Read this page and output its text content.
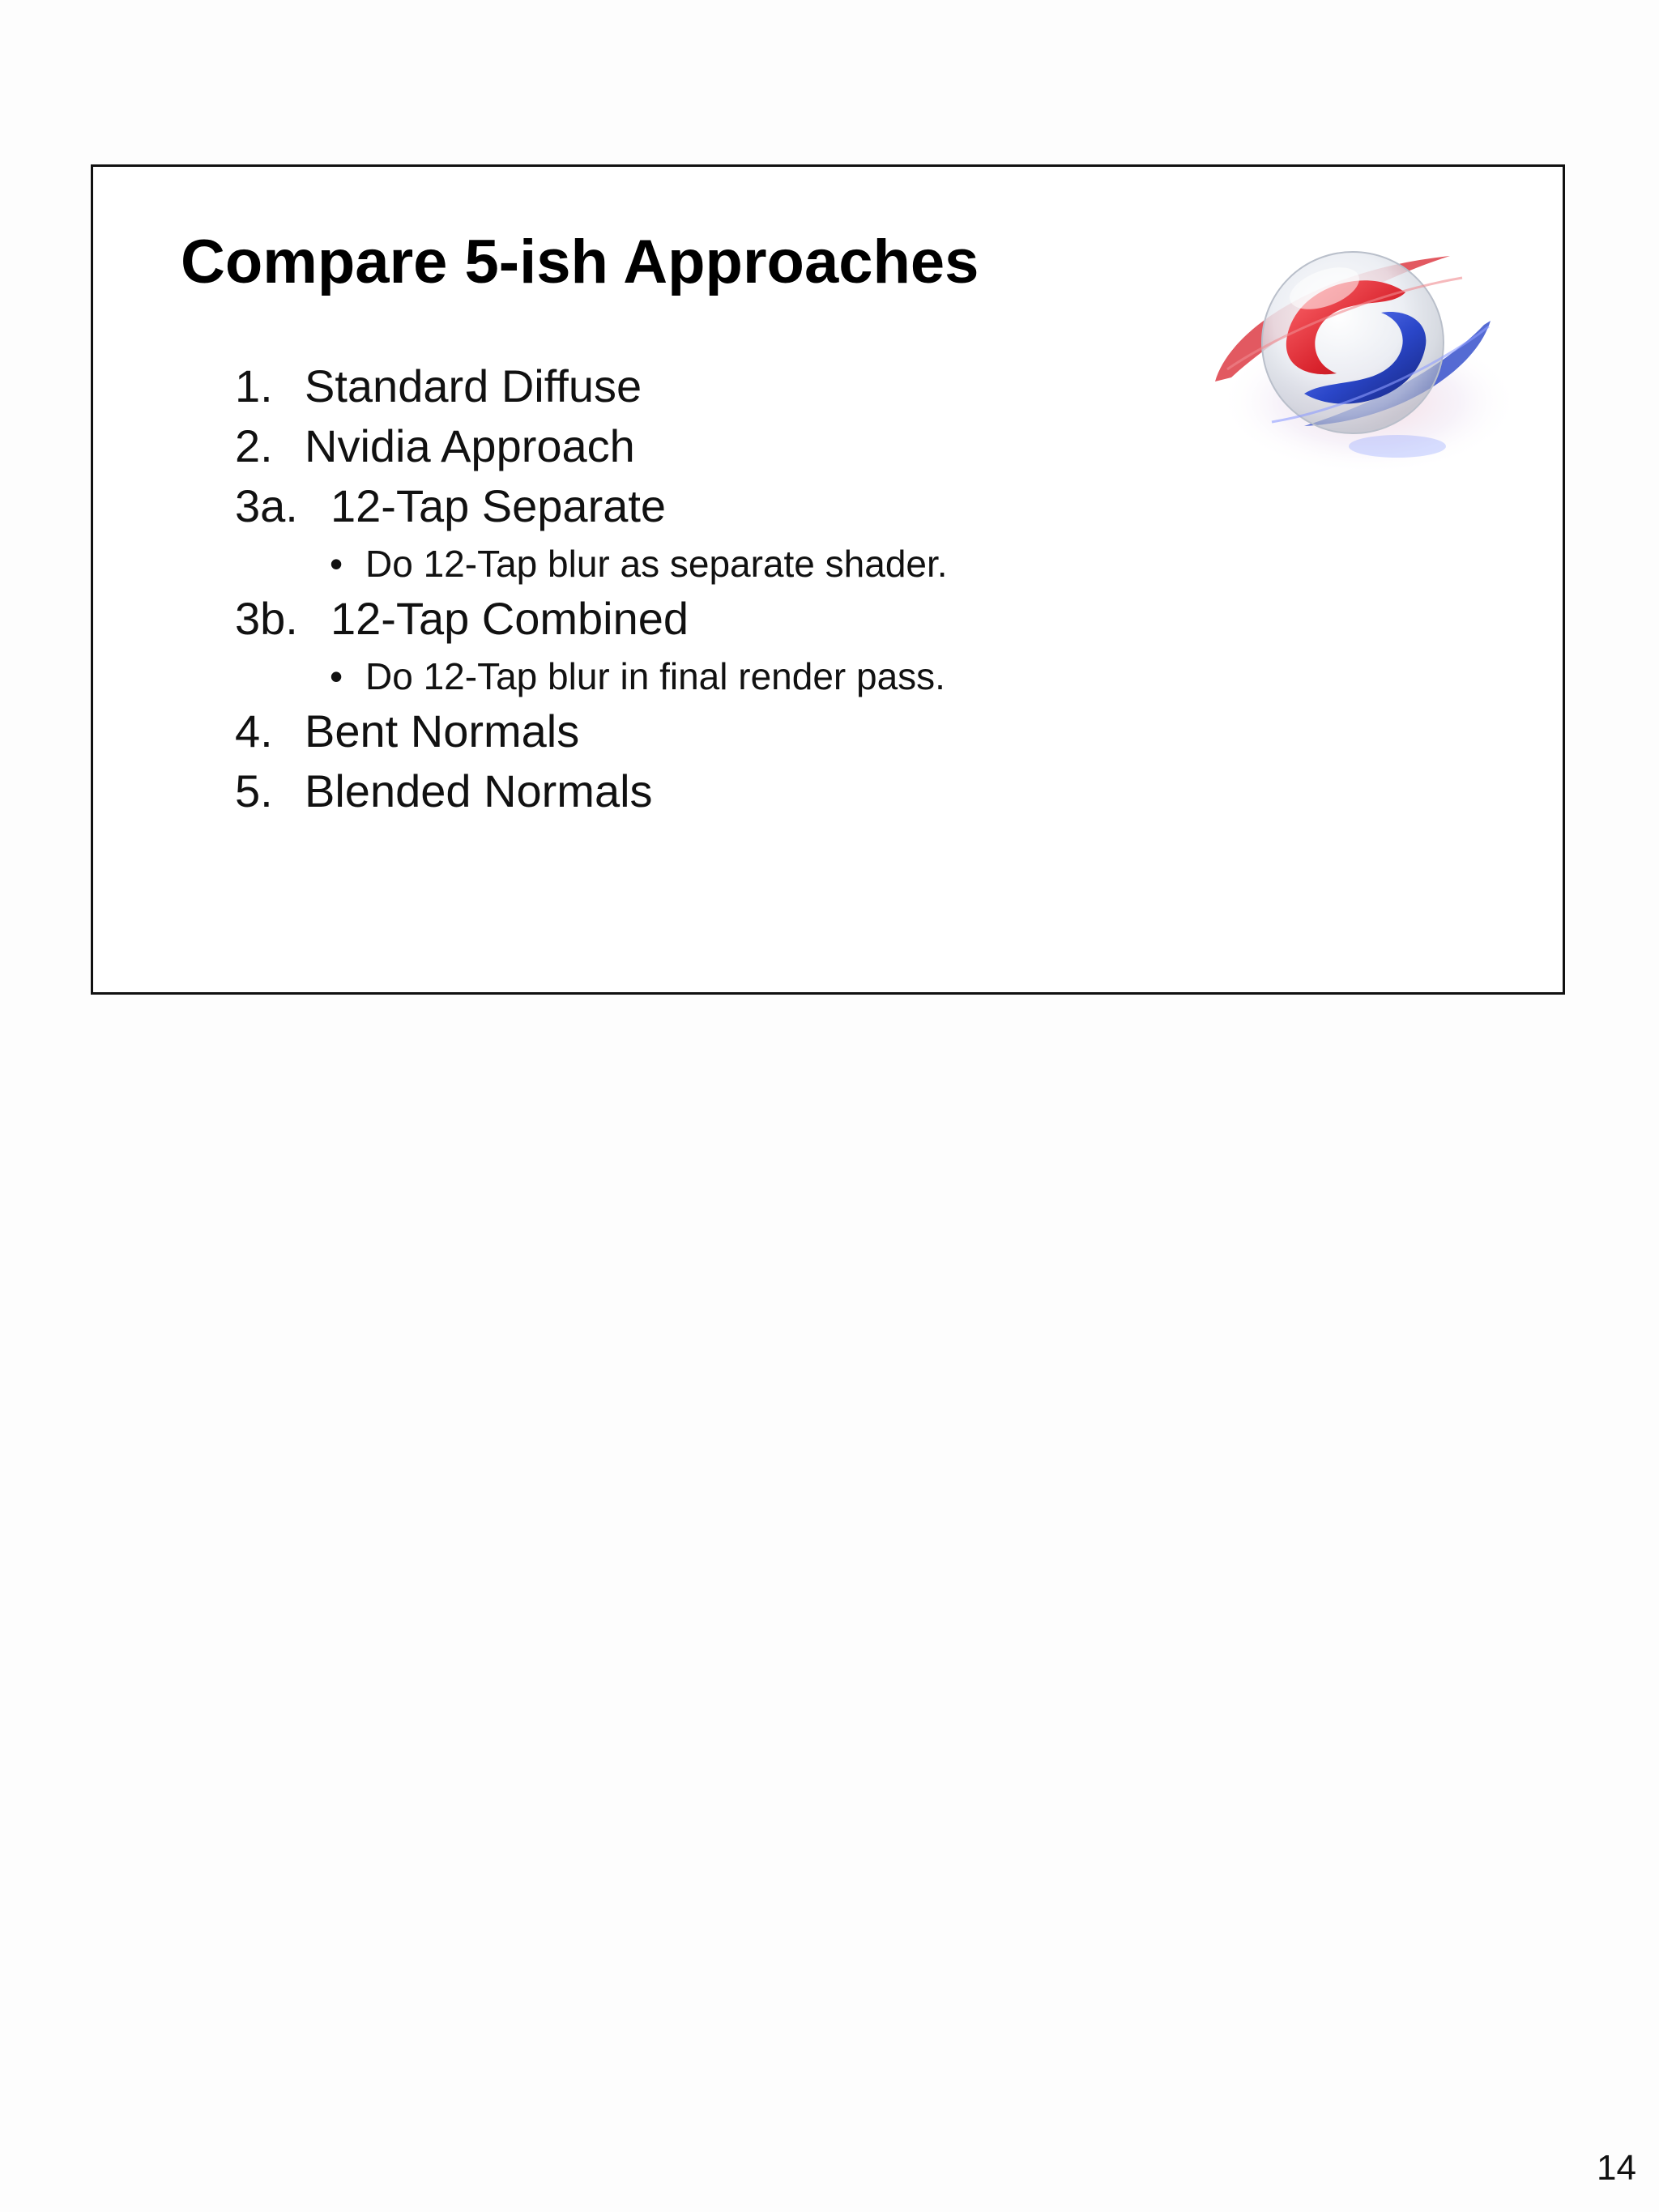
Compare 5-ish Approaches
1. Standard Diffuse
2. Nvidia Approach
3a. 12-Tap Separate
• Do 12-Tap blur as separate shader.
3b. 12-Tap Combined
• Do 12-Tap blur in final render pass.
4. Bent Normals
5. Blended Normals
14
